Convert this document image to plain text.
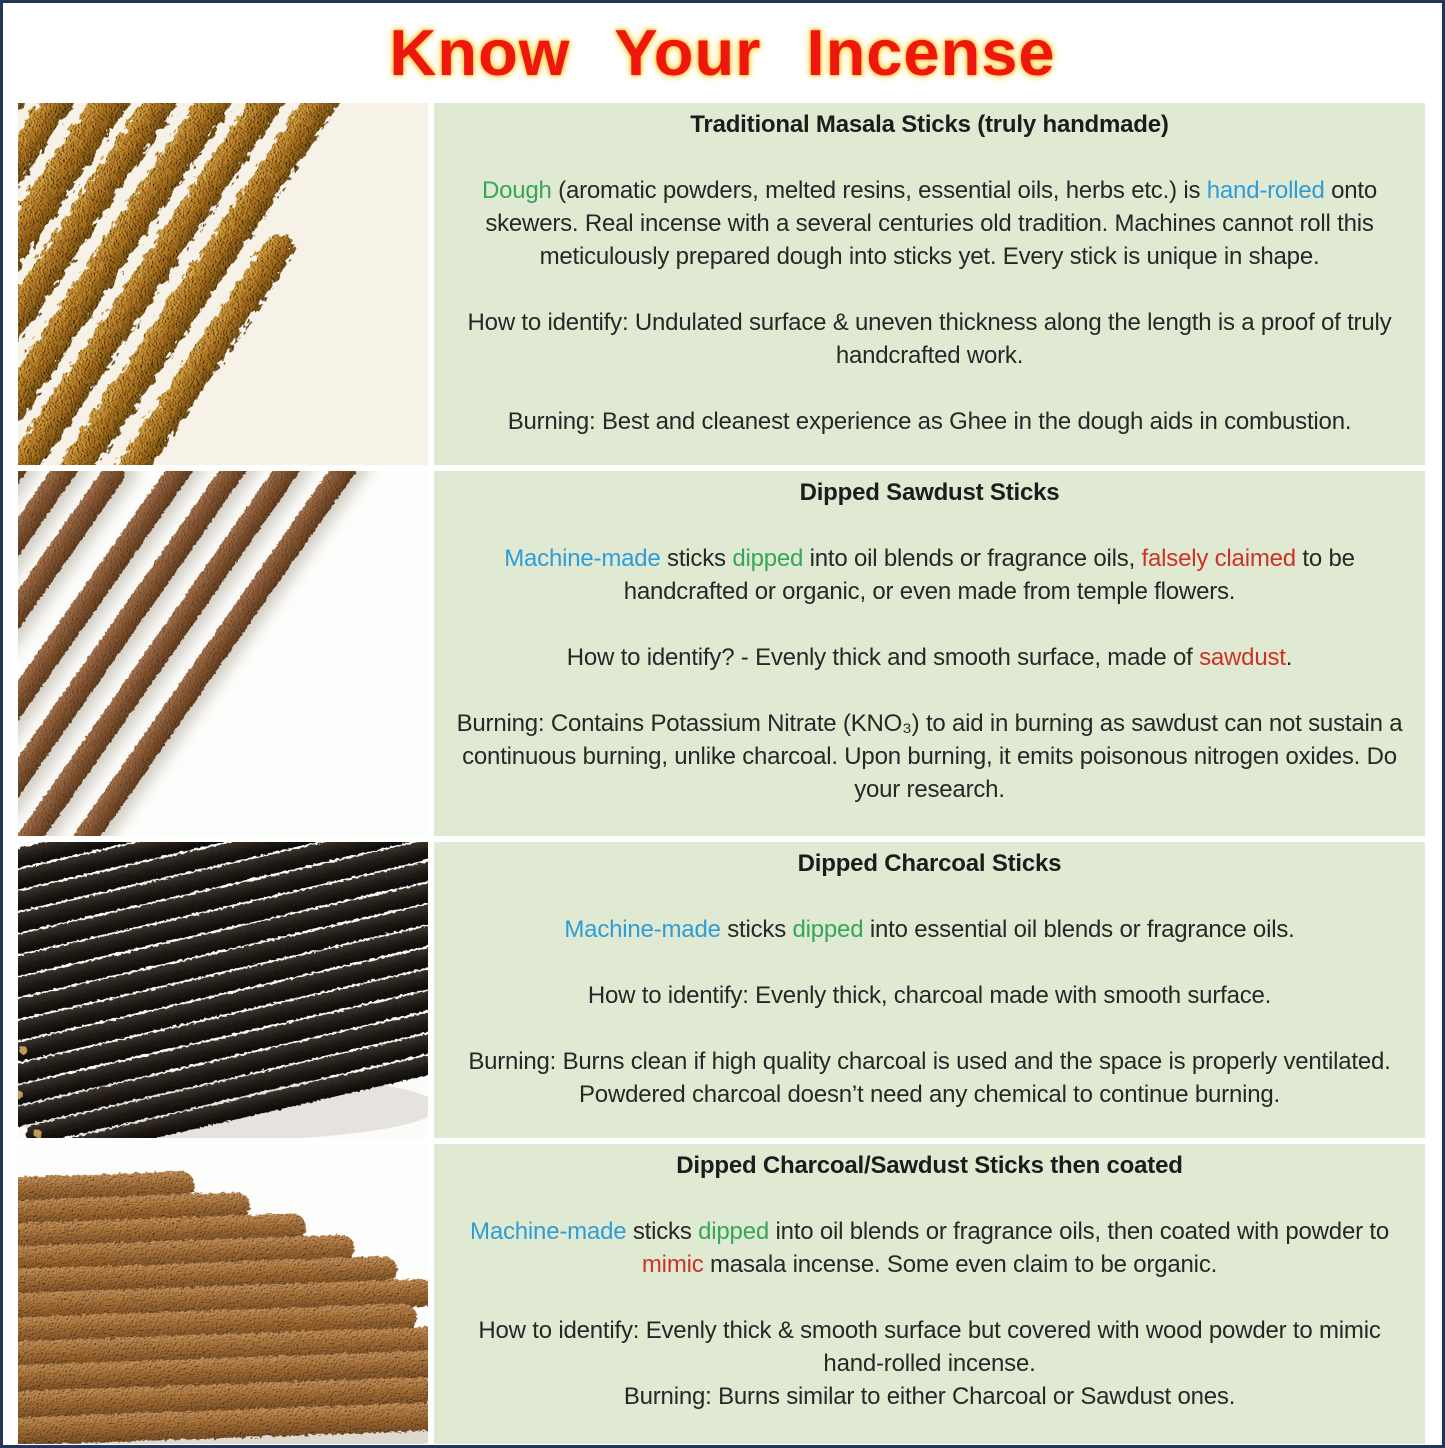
Know Your Incense

Traditional Masala Sticks (truly handmade)

Dough (aromatic powders, melted resins, essential oils, herbs etc.) is hand-rolled onto skewers. Real incense with a several centuries old tradition. Machines cannot roll this meticulously prepared dough into sticks yet. Every stick is unique in shape.

How to identify: Undulated surface & uneven thickness along the length is a proof of truly handcrafted work.

Burning: Best and cleanest experience as Ghee in the dough aids in combustion.

Dipped Sawdust Sticks

Machine-made sticks dipped into oil blends or fragrance oils, falsely claimed to be handcrafted or organic, or even made from temple flowers.

How to identify? - Evenly thick and smooth surface, made of sawdust.

Burning: Contains Potassium Nitrate (KNO₃) to aid in burning as sawdust can not sustain a continuous burning, unlike charcoal. Upon burning, it emits poisonous nitrogen oxides. Do your research.

Dipped Charcoal Sticks

Machine-made sticks dipped into essential oil blends or fragrance oils.

How to identify: Evenly thick, charcoal made with smooth surface.

Burning: Burns clean if high quality charcoal is used and the space is properly ventilated. Powdered charcoal doesn’t need any chemical to continue burning.

Dipped Charcoal/Sawdust Sticks then coated

Machine-made sticks dipped into oil blends or fragrance oils, then coated with powder to mimic masala incense. Some even claim to be organic.

How to identify: Evenly thick & smooth surface but covered with wood powder to mimic hand-rolled incense.

Burning: Burns similar to either Charcoal or Sawdust ones.
